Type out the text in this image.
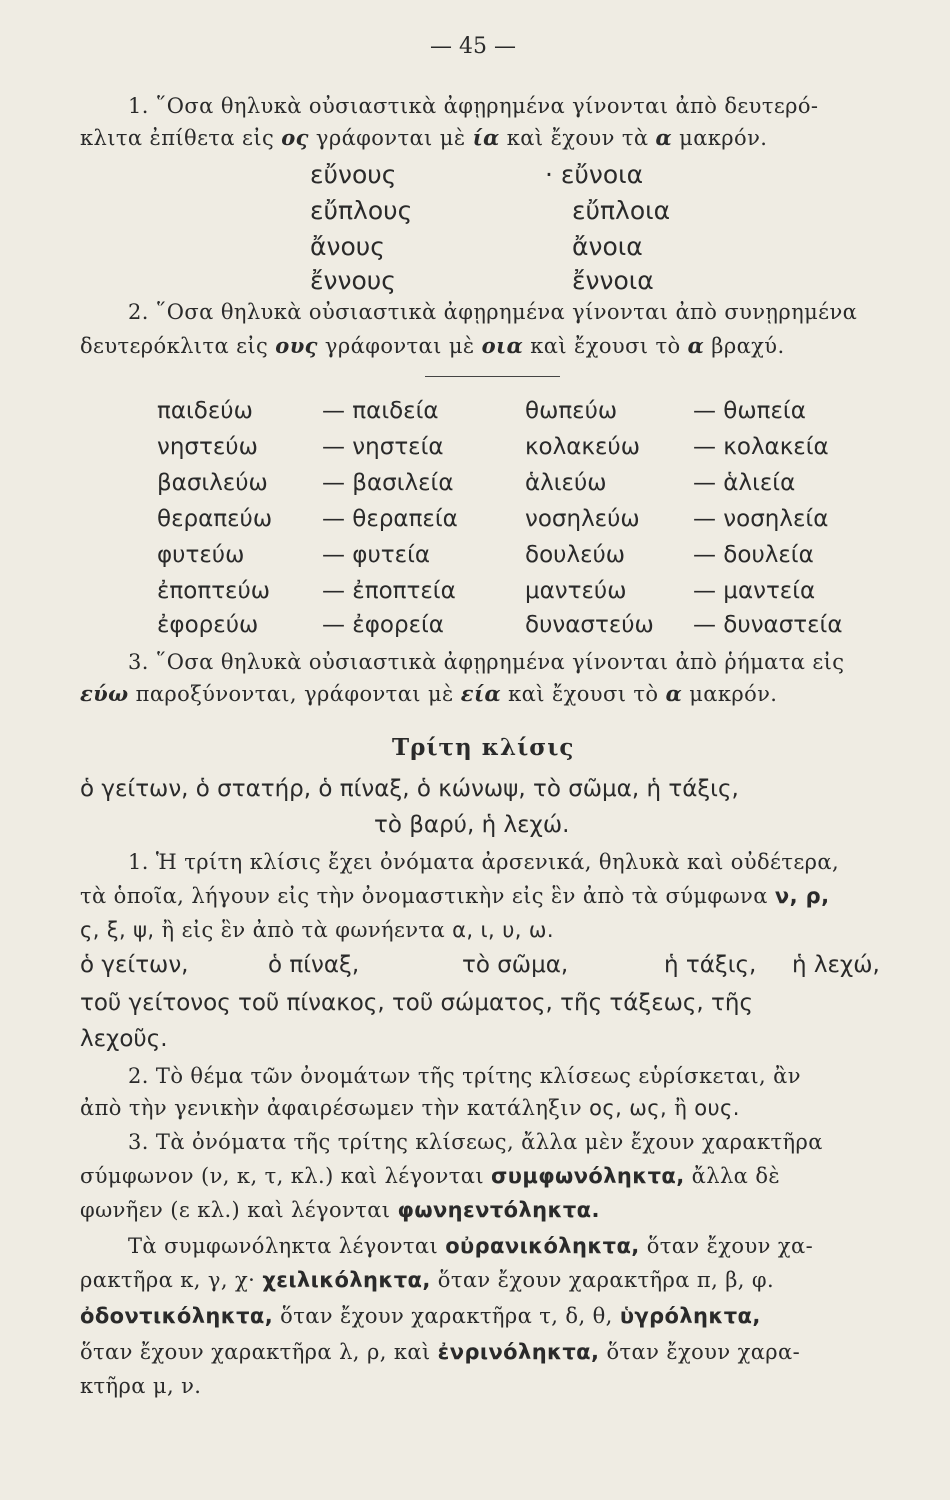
— 45 —
1. ῞Οσα θηλυκὰ οὐσιαστικὰ ἀφῃρημένα γίνονται ἀπὸ δευτερό-
κλιτα ἐπίθετα εἰς ος γράφονται μὲ ία καὶ ἔχουν τὰ α μακρόν.
εὔνους	· εὔνοια
εὔπλους	εὔπλοια
ἄνους	ἄνοια
ἔννους	ἔννοια
2. ῞Οσα θηλυκὰ οὐσιαστικὰ ἀφῃρημένα γίνονται ἀπὸ συνῃρημένα
δευτερόκλιτα εἰς ους γράφονται μὲ οια καὶ ἔχουσι τὸ α βραχύ.
παιδεύω	— παιδεία	θωπεύω	— θωπεία
νηστεύω	— νηστεία	κολακεύω — κολακεία
βασιλεύω — βασιλεία	ἁλιεύω	— ἁλιεία
θεραπεύω — θεραπεία	νοσηλεύω — νοσηλεία
φυτεύω	— φυτεία	δουλεύω	— δουλεία
ἐποπτεύω — ἐποπτεία	μαντεύω	— μαντεία
ἐφορεύω	— ἐφορεία	δυναστεύω — δυναστεία
3. ῞Οσα θηλυκὰ οὐσιαστικὰ ἀφῃρημένα γίνονται ἀπὸ ῥήματα εἰς
εύω παροξύνονται, γράφονται μὲ εία καὶ ἔχουσι τὸ α μακρόν.
Τρίτη κλίσις
ὁ γείτων, ὁ στατήρ, ὁ πίναξ, ὁ κώνωψ, τὸ σῶμα, ἡ τάξις,
τὸ βαρύ, ἡ λεχώ.
1. Ἡ τρίτη κλίσις ἔχει ὀνόματα ἀρσενικά, θηλυκὰ καὶ οὐδέτερα,
τὰ ὁποῖα, λήγουν εἰς τὴν ὀνομαστικὴν εἰς ἓν ἀπὸ τὰ σύμφωνα ν, ρ,
ς, ξ, ψ, ἢ εἰς ἓν ἀπὸ τὰ φωνήεντα α, ι, υ, ω.
ὁ γείτων,	ὁ πίναξ,	τὸ σῶμα,	ἡ τάξις, ἡ λεχώ,
τοῦ γείτονος τοῦ πίνακος, τοῦ σώματος, τῆς τάξεως, τῆς
λεχοῦς.
2. Τὸ θέμα τῶν ὀνομάτων τῆς τρίτης κλίσεως εὑρίσκεται, ἂν
ἀπὸ τὴν γενικὴν ἀφαιρέσωμεν τὴν κατάληξιν ος, ως, ἢ ους.
3. Τὰ ὀνόματα τῆς τρίτης κλίσεως, ἄλλα μὲν ἔχουν χαρακτῆρα
σύμφωνον (ν, κ, τ, κλ.) καὶ λέγονται συμφωνόληκτα, ἄλλα δὲ
φωνῆεν (ε κλ.) καὶ λέγονται φωνηεντόληκτα.
Τὰ συμφωνόληκτα λέγονται οὐρανικόληκτα, ὅταν ἔχουν χα-
ρακτῆρα κ, γ, χ· χειλικόληκτα, ὅταν ἔχουν χαρακτῆρα π, β, φ.
ὀδοντικόληκτα, ὅταν ἔχουν χαρακτῆρα τ, δ, θ, ὑγρόληκτα,
ὅταν ἔχουν χαρακτῆρα λ, ρ, καὶ ἐνρινόληκτα, ὅταν ἔχουν χαρα-
κτῆρα μ, ν.
